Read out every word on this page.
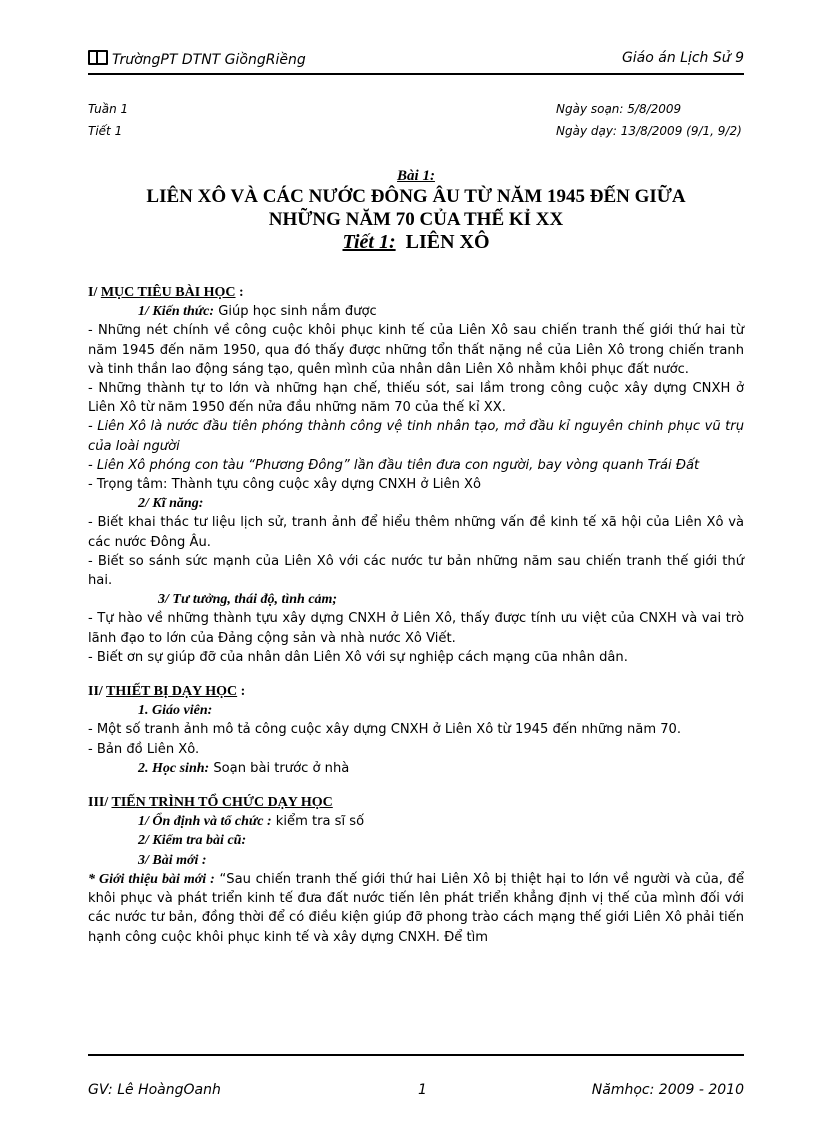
TrườngPT DTNT GiồngRiềng	Giáo án Lịch Sử 9
Tuần 1
Tiết 1
Ngày soạn: 5/8/2009
Ngày dạy: 13/8/2009 (9/1, 9/2)
Bài 1:
LIÊN XÔ VÀ CÁC NƯỚC ĐÔNG ÂU TỪ NĂM 1945 ĐẾN GIỮA
NHỮNG NĂM 70 CỦA THẾ KỈ XX
Tiết 1: LIÊN XÔ

I/ MỤC TIÊU BÀI HỌC :

1/ Kiến thức: Giúp học sinh nắm được

- Những nét chính về công cuộc khôi phục kinh tế của Liên Xô sau chiến tranh thế giới thứ hai từ năm 1945 đến năm 1950, qua đó thấy được những tổn thất nặng nề của Liên Xô trong chiến tranh và tinh thần lao động sáng tạo, quên mình của nhân dân Liên Xô nhằm khôi phục đất nước.

- Những thành tự to lớn và những hạn chế, thiếu sót, sai lầm trong công cuộc xây dựng CNXH ở Liên Xô từ năm 1950 đến nửa đầu những năm 70 của thế kỉ XX.

- Liên Xô là nước đầu tiên phóng thành công vệ tinh nhân tạo, mở đầu kỉ nguyên chinh phục vũ trụ của loài người

- Liên Xô phóng con tàu “Phương Đông” lần đầu tiên đưa con người, bay vòng quanh Trái Đất

- Trọng tâm: Thành tựu công cuộc xây dựng CNXH ở Liên Xô

2/ Kĩ năng:

- Biết khai thác tư liệu lịch sử, tranh ảnh để hiểu thêm những vấn đề kinh tế xã hội của Liên Xô và các nước Đông Âu.

- Biết so sánh sức mạnh của Liên Xô với các nước tư bản những năm sau chiến tranh thế giới thứ hai.

3/ Tư tưởng, thái độ, tình cảm;

- Tự hào về những thành tựu xây dựng CNXH ở Liên Xô, thấy được tính ưu việt của CNXH và vai trò lãnh đạo to lớn của Đảng cộng sản và nhà nước Xô Viết.

- Biết ơn sự giúp đỡ của nhân dân Liên Xô với sự nghiệp cách mạng cũa nhân dân.

II/ THIẾT BỊ DẠY HỌC :

1. Giáo viên:

- Một số tranh ảnh mô tả công cuộc xây dựng CNXH ở Liên Xô từ 1945 đến những năm 70.

- Bản đồ Liên Xô.

2. Học sinh: Soạn bài trước ở nhà

III/ TIẾN TRÌNH TỔ CHỨC DẠY HỌC

1/ Ổn định và tổ chức : kiểm tra sĩ số

2/ Kiểm tra bài cũ:

3/ Bài mới :

* Giới thiệu bài mới : “Sau chiến tranh thế giới thứ hai Liên Xô bị thiệt hại to lớn về người và của, để khôi phục và phát triển kinh tế đưa đất nước tiến lên phát triển khẳng định vị thế của mình đối với các nước tư bản, đồng thời để có điều kiện giúp đỡ phong trào cách mạng thế giới Liên Xô phải tiến hạnh công cuộc khôi phục kinh tế và xây dựng CNXH. Để tìm

GV: Lê HoàngOanh	1	Nămhọc: 2009 - 2010
